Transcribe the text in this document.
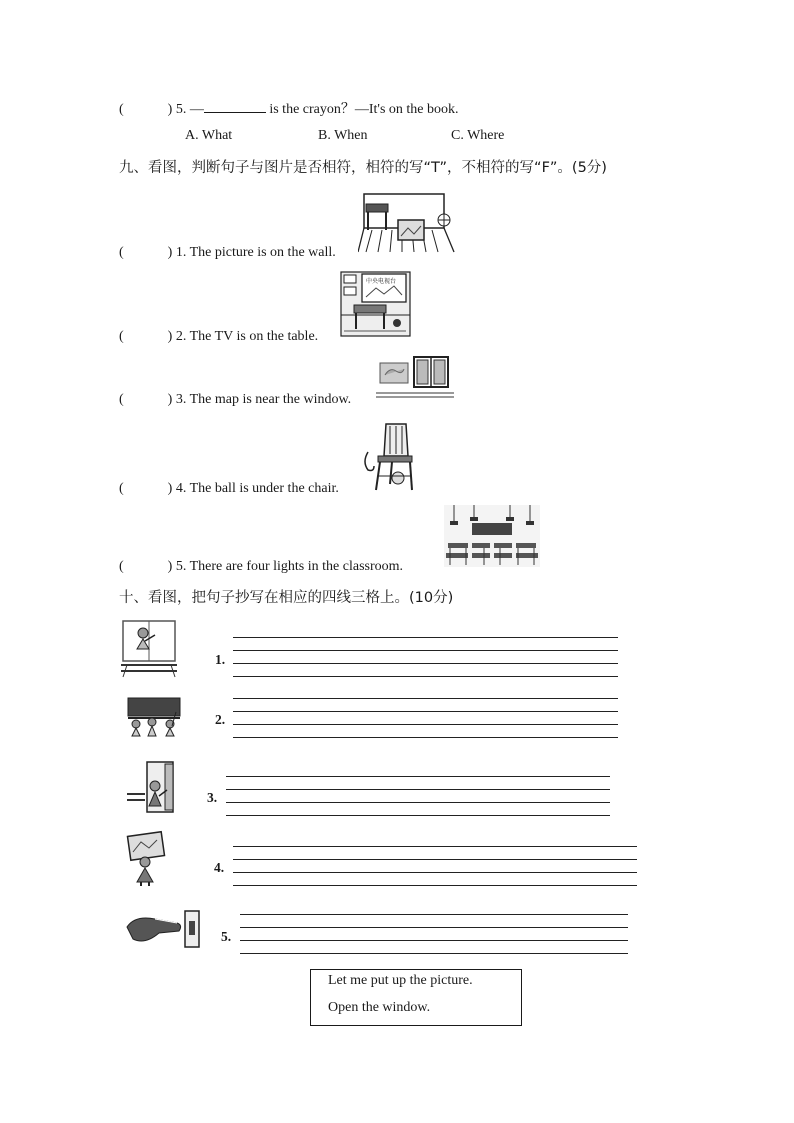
(	) 5. —	is the crayon？—It's on the book.
A. What	B. When	C. Where
九、看图，判断句子与图片是否相符，相符的写“T”，不相符的写“F”。(5分)
(	) 1. The picture is on the wall.
中央电视台
(	) 2. The TV is on the table.
(	) 3. The map is near the window.
(	) 4. The ball is under the chair.
(	) 5. There are four lights in the classroom.
十、看图，把句子抄写在相应的四线三格上。(10分)
1.
2.
3.
4.
5.
Let me put up the picture.
Open the window.
